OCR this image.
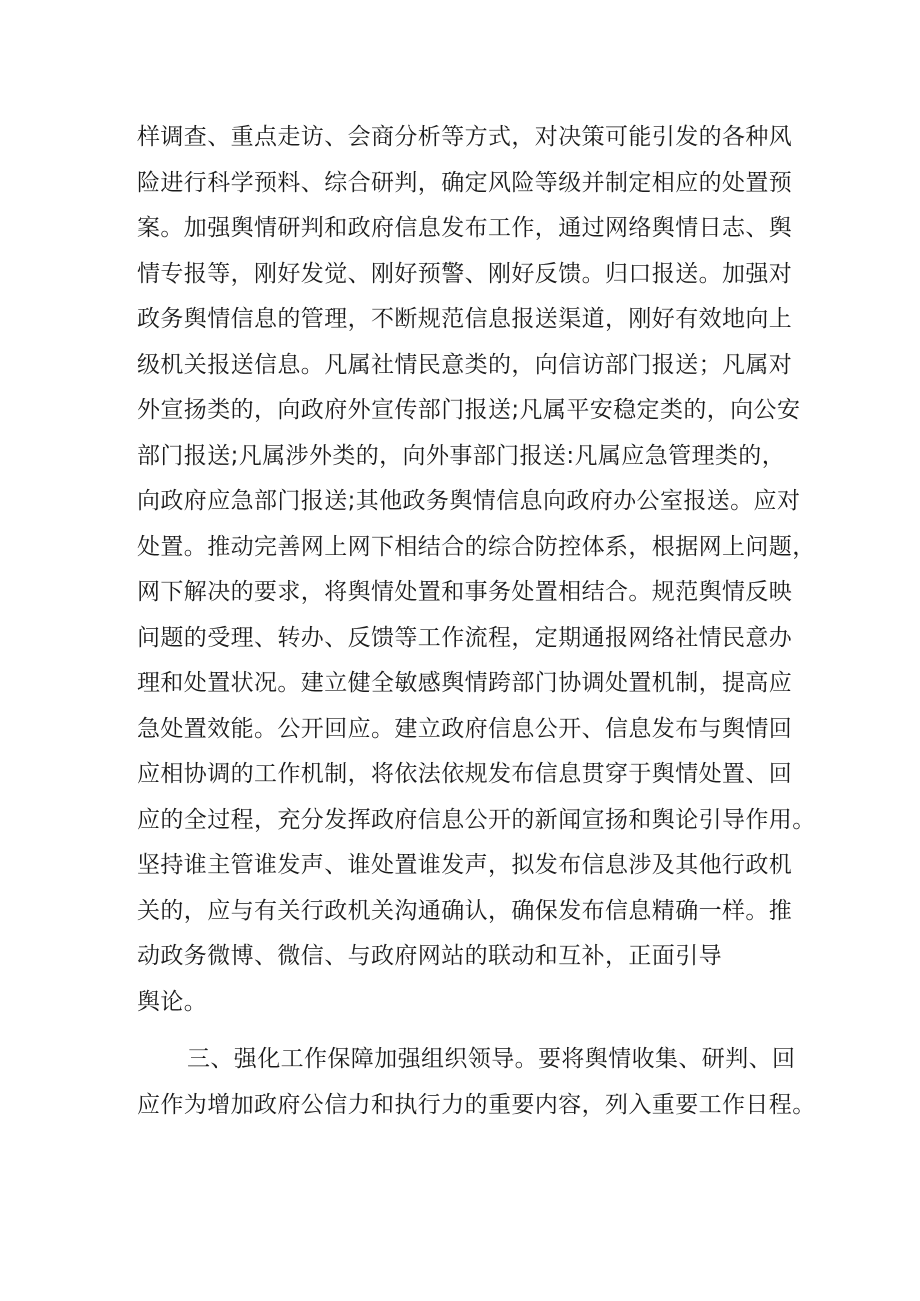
样调查、重点走访、会商分析等方式，对决策可能引发的各种风
险进行科学预料、综合研判，确定风险等级并制定相应的处置预
案。加强舆情研判和政府信息发布工作，通过网络舆情日志、舆
情专报等，刚好发觉、刚好预警、刚好反馈。归口报送。加强对
政务舆情信息的管理，不断规范信息报送渠道，刚好有效地向上
级机关报送信息。凡属社情民意类的，向信访部门报送；凡属对
外宣扬类的，向政府外宣传部门报送;凡属平安稳定类的，向公安
部门报送;凡属涉外类的，向外事部门报送:凡属应急管理类的，
向政府应急部门报送;其他政务舆情信息向政府办公室报送。应对
处置。推动完善网上网下相结合的综合防控体系，根据网上问题，
网下解决的要求，将舆情处置和事务处置相结合。规范舆情反映
问题的受理、转办、反馈等工作流程，定期通报网络社情民意办
理和处置状况。建立健全敏感舆情跨部门协调处置机制，提高应
急处置效能。公开回应。建立政府信息公开、信息发布与舆情回
应相协调的工作机制，将依法依规发布信息贯穿于舆情处置、回
应的全过程，充分发挥政府信息公开的新闻宣扬和舆论引导作用。
坚持谁主管谁发声、谁处置谁发声，拟发布信息涉及其他行政机
关的，应与有关行政机关沟通确认，确保发布信息精确一样。推
动政务微博、微信、与政府网站的联动和互补，正面引导
舆论。
三、强化工作保障加强组织领导。要将舆情收集、研判、回
应作为增加政府公信力和执行力的重要内容，列入重要工作日程。
